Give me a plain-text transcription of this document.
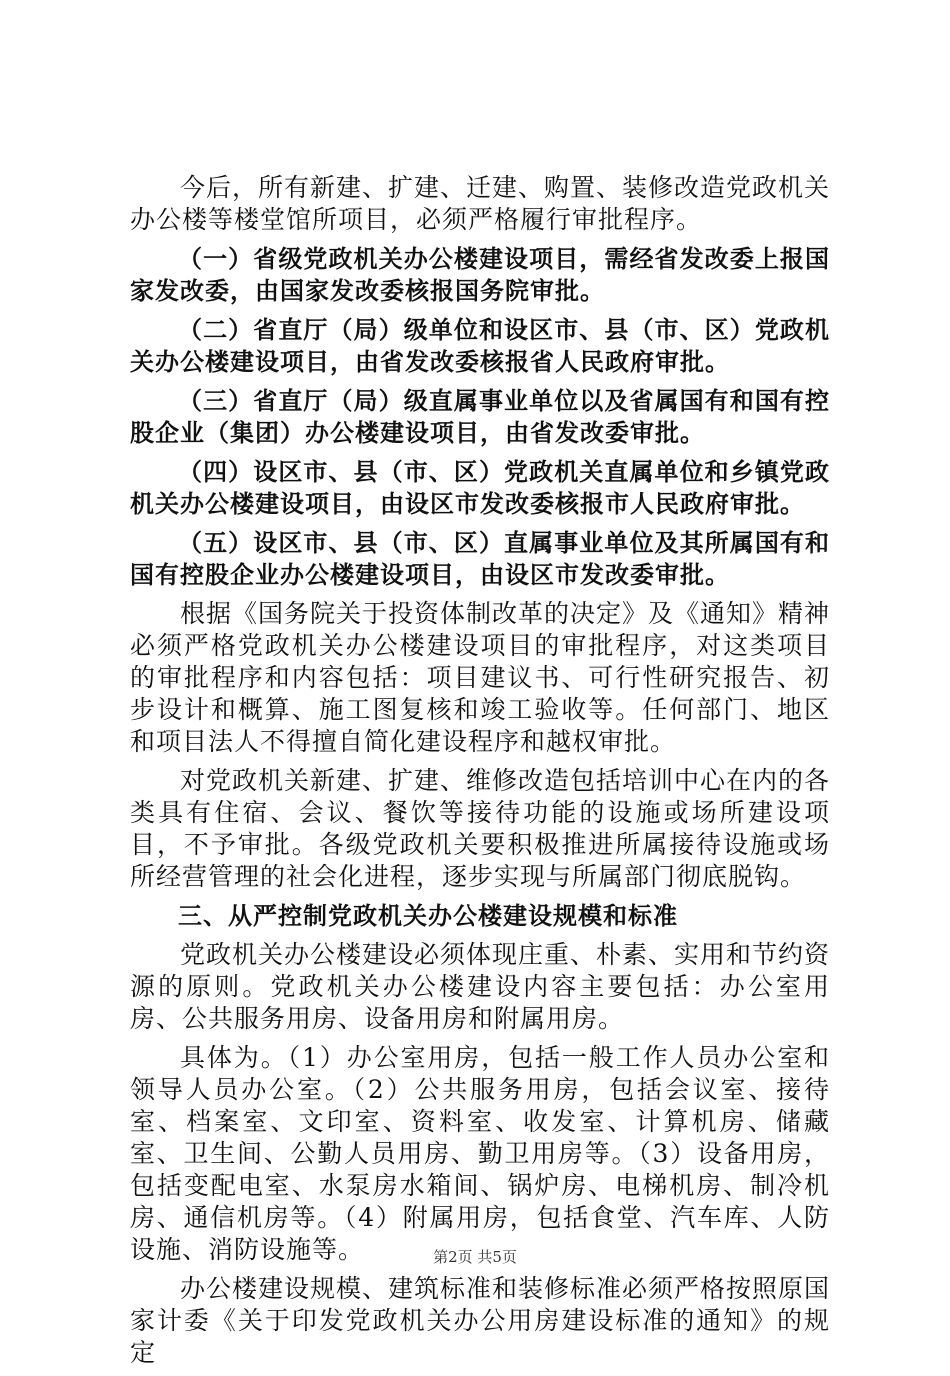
今后，所有新建、扩建、迁建、购置、装修改造党政机关办公楼等楼堂馆所项目，必须严格履行审批程序。

（一）省级党政机关办公楼建设项目，需经省发改委上报国家发改委，由国家发改委核报国务院审批。

（二）省直厅（局）级单位和设区市、县（市、区）党政机关办公楼建设项目，由省发改委核报省人民政府审批。

（三）省直厅（局）级直属事业单位以及省属国有和国有控股企业（集团）办公楼建设项目，由省发改委审批。

（四）设区市、县（市、区）党政机关直属单位和乡镇党政机关办公楼建设项目，由设区市发改委核报市人民政府审批。

（五）设区市、县（市、区）直属事业单位及其所属国有和国有控股企业办公楼建设项目，由设区市发改委审批。

根据《国务院关于投资体制改革的决定》及《通知》精神必须严格党政机关办公楼建设项目的审批程序，对这类项目的审批程序和内容包括：项目建议书、可行性研究报告、初步设计和概算、施工图复核和竣工验收等。任何部门、地区和项目法人不得擅自简化建设程序和越权审批。

对党政机关新建、扩建、维修改造包括培训中心在内的各类具有住宿、会议、餐饮等接待功能的设施或场所建设项目，不予审批。各级党政机关要积极推进所属接待设施或场所经营管理的社会化进程，逐步实现与所属部门彻底脱钩。

三、从严控制党政机关办公楼建设规模和标准

党政机关办公楼建设必须体现庄重、朴素、实用和节约资源的原则。党政机关办公楼建设内容主要包括：办公室用房、公共服务用房、设备用房和附属用房。

具体为。（1）办公室用房，包括一般工作人员办公室和领导人员办公室。（2）公共服务用房，包括会议室、接待室、档案室、文印室、资料室、收发室、计算机房、储藏室、卫生间、公勤人员用房、勤卫用房等。（3）设备用房，包括变配电室、水泵房水箱间、锅炉房、电梯机房、制冷机房、通信机房等。（4）附属用房，包括食堂、汽车库、人防设施、消防设施等。

办公楼建设规模、建筑标准和装修标准必须严格按照原国家计委《关于印发党政机关办公用房建设标准的通知》的规定

第2页 共5页
